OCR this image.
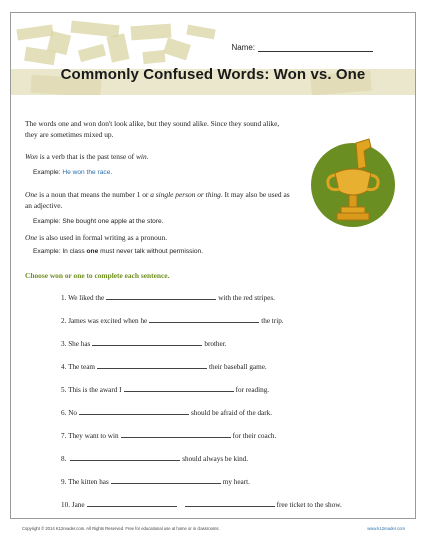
Name:
Commonly Confused Words: Won vs. One
The words one and won don't look alike, but they sound alike. Since they sound alike, they are sometimes mixed up.
Won is a verb that is the past tense of win.
Example: He won the race.
One is a noun that means the number 1 or a single person or thing. It may also be used as an adjective.
Example: She bought one apple at the store.
One is also used in formal writing as a pronoun.
Example: In class one must never talk without permission.
Choose won or one to complete each sentence.
1. We liked the	with the red stripes.
2. James was excited when he	the trip.
3. She has	brother.
4. The team	their baseball game.
5. This is the award I	for reading.
6. No	should be afraid of the dark.
7. They want to win	for their coach.
8.	should always be kind.
9. The kitten has	my heart.
10. Jane	free ticket to the show.
Copyright © 2014 K12reader.com. All Rights Reserved. Free for educational use at home or in classrooms.	www.k12reader.com
